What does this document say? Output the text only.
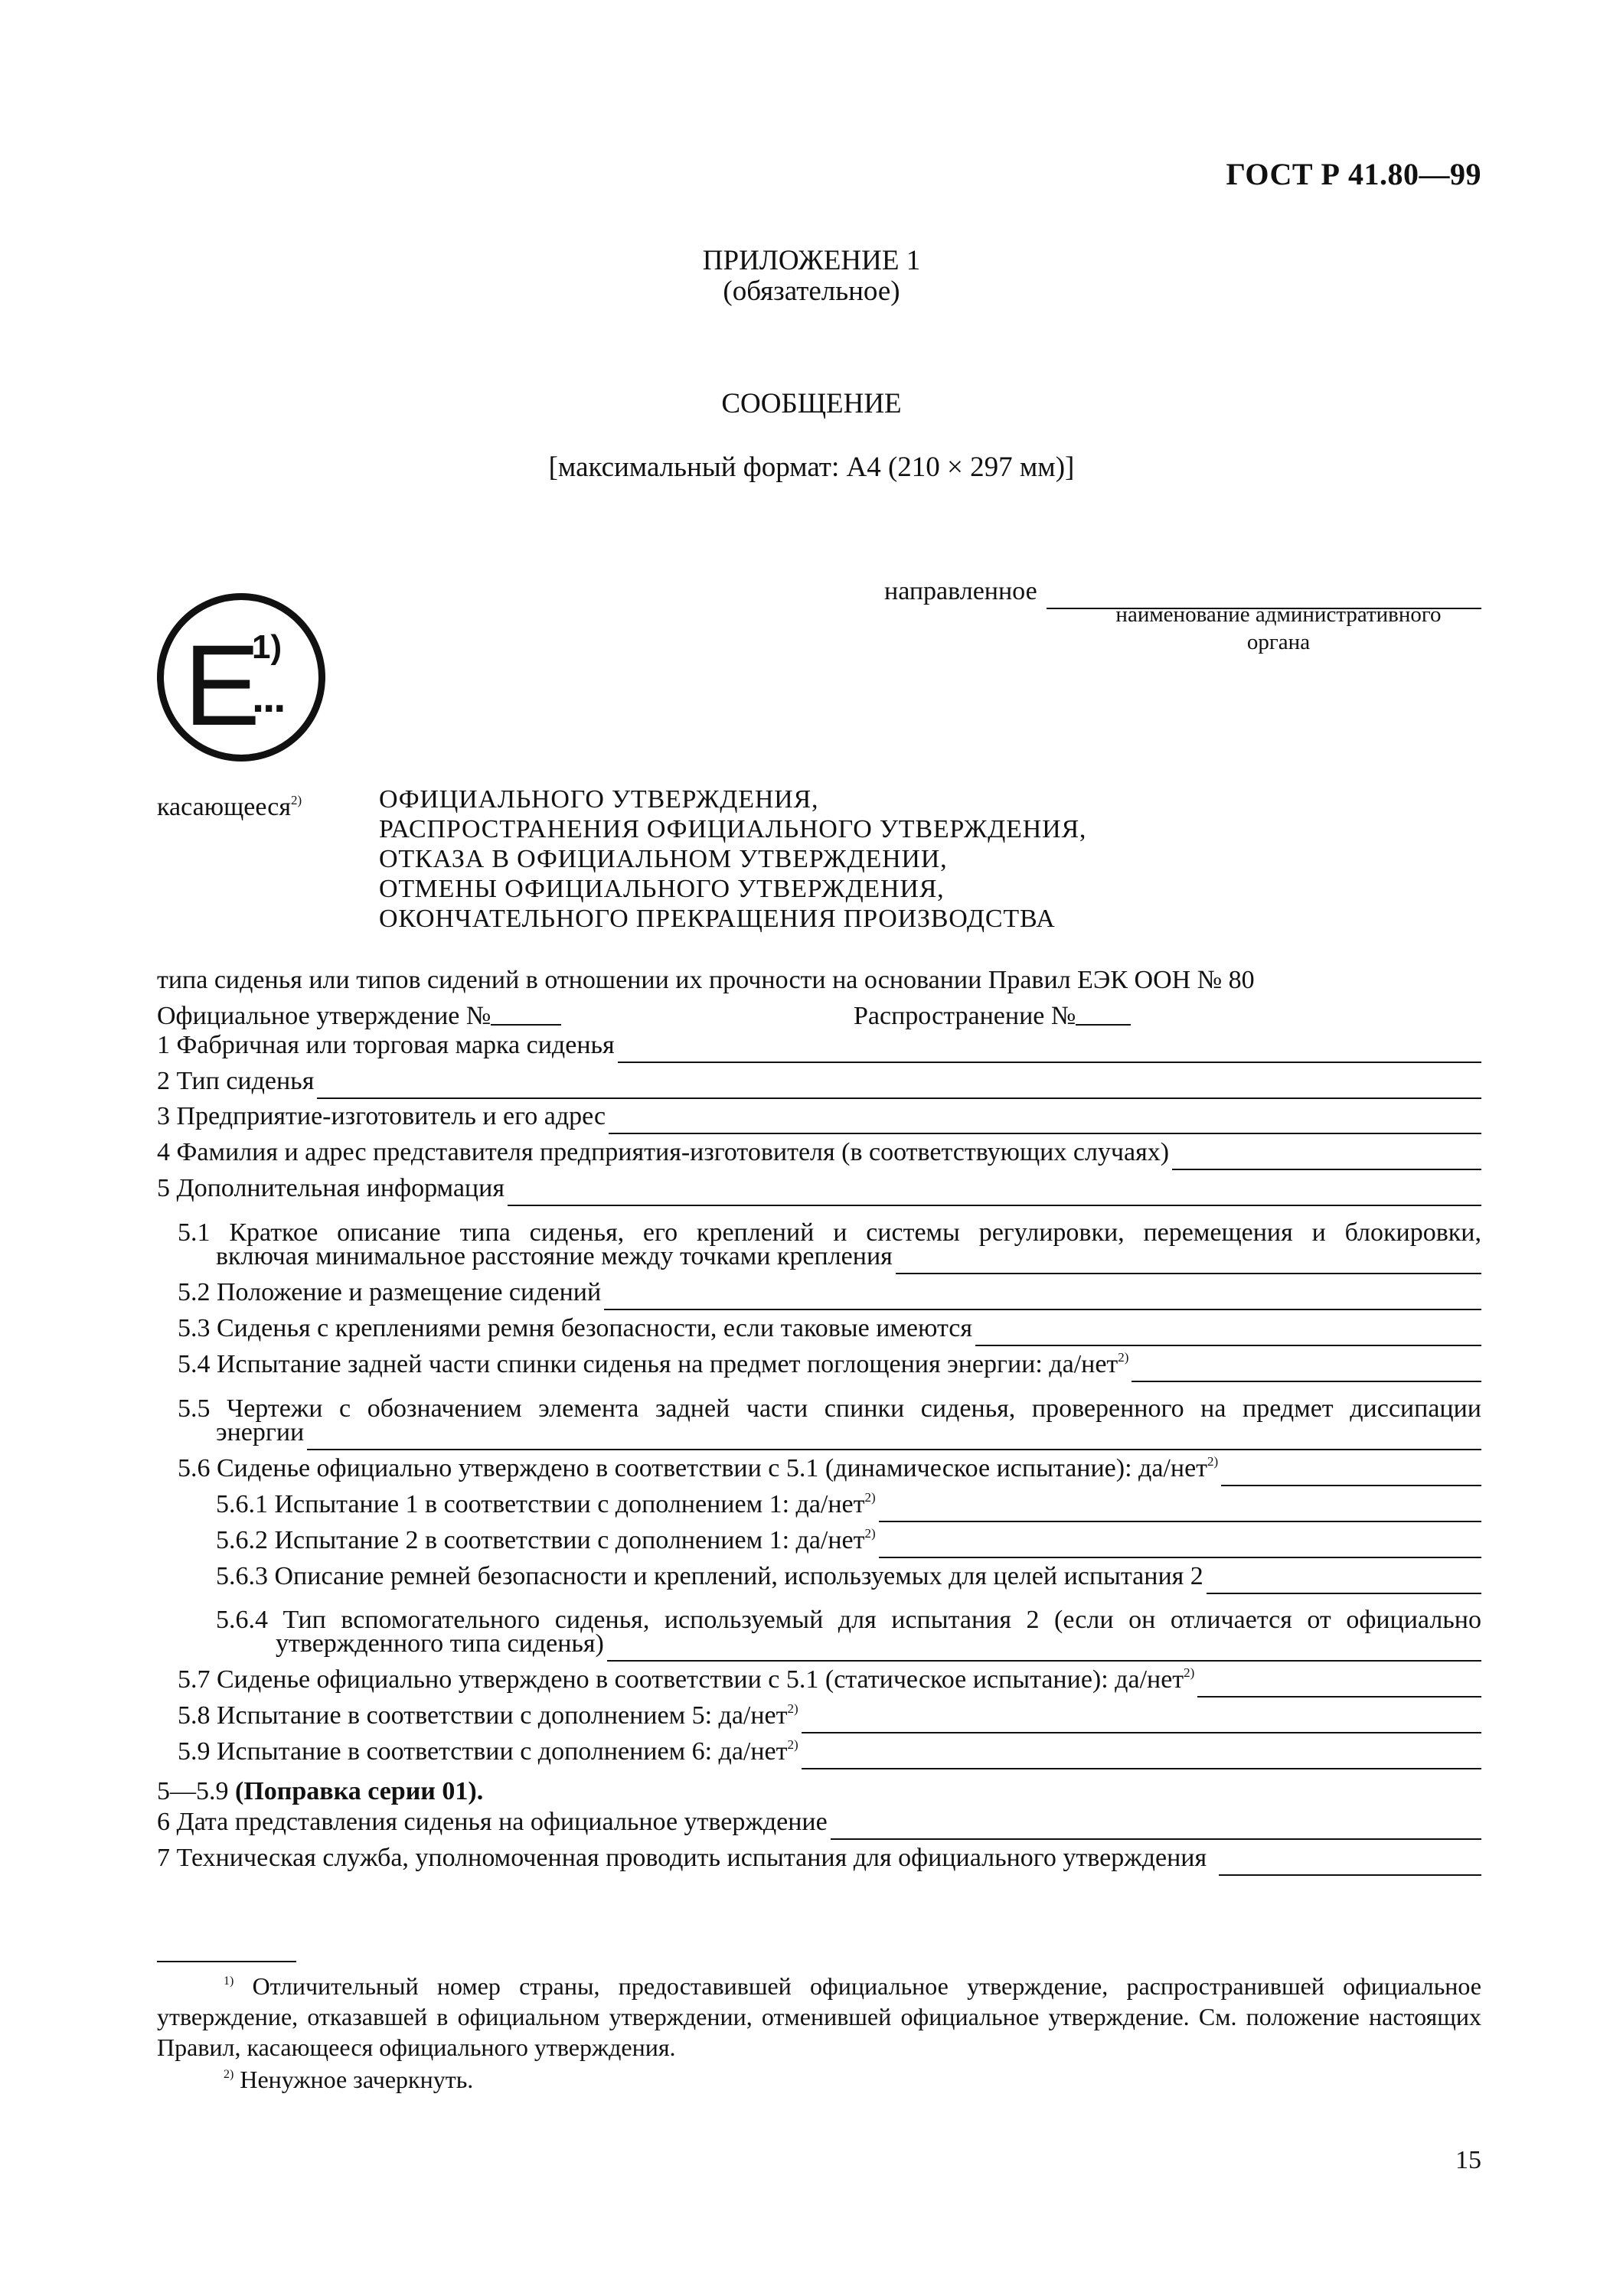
ГОСТ Р 41.80—99
ПРИЛОЖЕНИЕ 1
(обязательное)
СООБЩЕНИЕ
[максимальный формат: А4 (210 × 297 мм)]
E
1)
...
направленное
наименование административного
органа
касающееся$^{2)}$	ОФИЦИАЛЬНОГО УТВЕРЖДЕНИЯ,
РАСПРОСТРАНЕНИЯ ОФИЦИАЛЬНОГО УТВЕРЖДЕНИЯ,
ОТКАЗА В ОФИЦИАЛЬНОМ УТВЕРЖДЕНИИ,
ОТМЕНЫ ОФИЦИАЛЬНОГО УТВЕРЖДЕНИЯ,
ОКОНЧАТЕЛЬНОГО ПРЕКРАЩЕНИЯ ПРОИЗВОДСТВА
типа сиденья или типов сидений в отношении их прочности на основании Правил ЕЭК ООН № 80
Официальное утверждение №	Распространение №
1 Фабричная или торговая марка сиденья
2 Тип сиденья
3 Предприятие-изготовитель и его адрес
4 Фамилия и адрес представителя предприятия-изготовителя (в соответствующих случаях)
5 Дополнительная информация
5.1 Краткое описание типа сиденья, его креплений и системы регулировки, перемещения и блокировки,
включая минимальное расстояние между точками крепления
5.2 Положение и размещение сидений
5.3 Сиденья с креплениями ремня безопасности, если таковые имеются
5.4 Испытание задней части спинки сиденья на предмет поглощения энергии: да/нет$^{2)}$
5.5 Чертежи с обозначением элемента задней части спинки сиденья, проверенного на предмет диссипации
энергии
5.6 Сиденье официально утверждено в соответствии с 5.1 (динамическое испытание): да/нет$^{2)}$
5.6.1 Испытание 1 в соответствии с дополнением 1: да/нет$^{2)}$
5.6.2 Испытание 2 в соответствии с дополнением 1: да/нет$^{2)}$
5.6.3 Описание ремней безопасности и креплений, используемых для целей испытания 2
5.6.4 Тип вспомогательного сиденья, используемый для испытания 2 (если он отличается от официально
утвержденного типа сиденья)
5.7 Сиденье официально утверждено в соответствии с 5.1 (статическое испытание): да/нет$^{2)}$
5.8 Испытание в соответствии с дополнением 5: да/нет$^{2)}$
5.9 Испытание в соответствии с дополнением 6: да/нет$^{2)}$
5—5.9 (Поправка серии 01).
6 Дата представления сиденья на официальное утверждение
7 Техническая служба, уполномоченная проводить испытания для официального утверждения
$^{1)}$ Отличительный номер страны, предоставившей официальное утверждение, распространившей официальное утверждение, отказавшей в официальном утверждении, отменившей официальное утверждение. См. положение настоящих Правил, касающееся официального утверждения.
$^{2)}$ Ненужное зачеркнуть.
15
